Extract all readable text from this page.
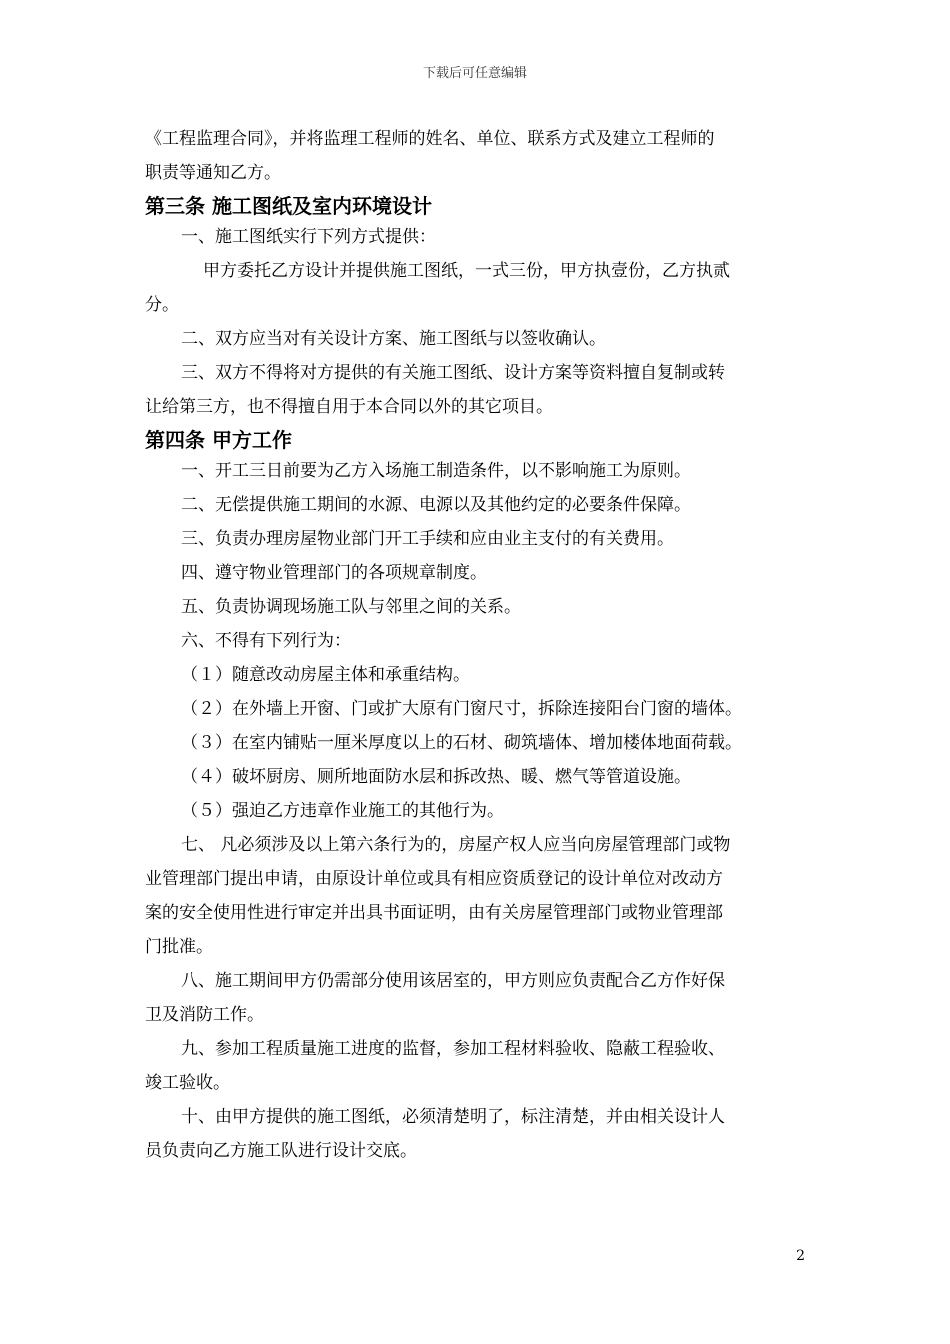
下载后可任意编辑

《工程监理合同》，并将监理工程师的姓名、单位、联系方式及建立工程师的

职责等通知乙方。

第三条 施工图纸及室内环境设计

一、施工图纸实行下列方式提供：

甲方委托乙方设计并提供施工图纸，一式三份，甲方执壹份，乙方执贰

分。

二、双方应当对有关设计方案、施工图纸与以签收确认。

三、双方不得将对方提供的有关施工图纸、设计方案等资料擅自复制或转

让给第三方，也不得擅自用于本合同以外的其它项目。

第四条 甲方工作

一、开工三日前要为乙方入场施工制造条件，以不影响施工为原则。

二、无偿提供施工期间的水源、电源以及其他约定的必要条件保障。

三、负责办理房屋物业部门开工手续和应由业主支付的有关费用。

四、遵守物业管理部门的各项规章制度。

五、负责协调现场施工队与邻里之间的关系。

六、不得有下列行为：

（１）随意改动房屋主体和承重结构。

（２）在外墙上开窗、门或扩大原有门窗尺寸，拆除连接阳台门窗的墙体。

（３）在室内铺贴一厘米厚度以上的石材、砌筑墙体、增加楼体地面荷载。

（４）破坏厨房、厕所地面防水层和拆改热、暖、燃气等管道设施。

（５）强迫乙方违章作业施工的其他行为。

七、 凡必须涉及以上第六条行为的，房屋产权人应当向房屋管理部门或物

业管理部门提出申请，由原设计单位或具有相应资质登记的设计单位对改动方

案的安全使用性进行审定并出具书面证明，由有关房屋管理部门或物业管理部

门批准。

八、施工期间甲方仍需部分使用该居室的，甲方则应负责配合乙方作好保

卫及消防工作。

九、参加工程质量施工进度的监督，参加工程材料验收、隐蔽工程验收、

竣工验收。

十、由甲方提供的施工图纸，必须清楚明了，标注清楚，并由相关设计人

员负责向乙方施工队进行设计交底。

2
